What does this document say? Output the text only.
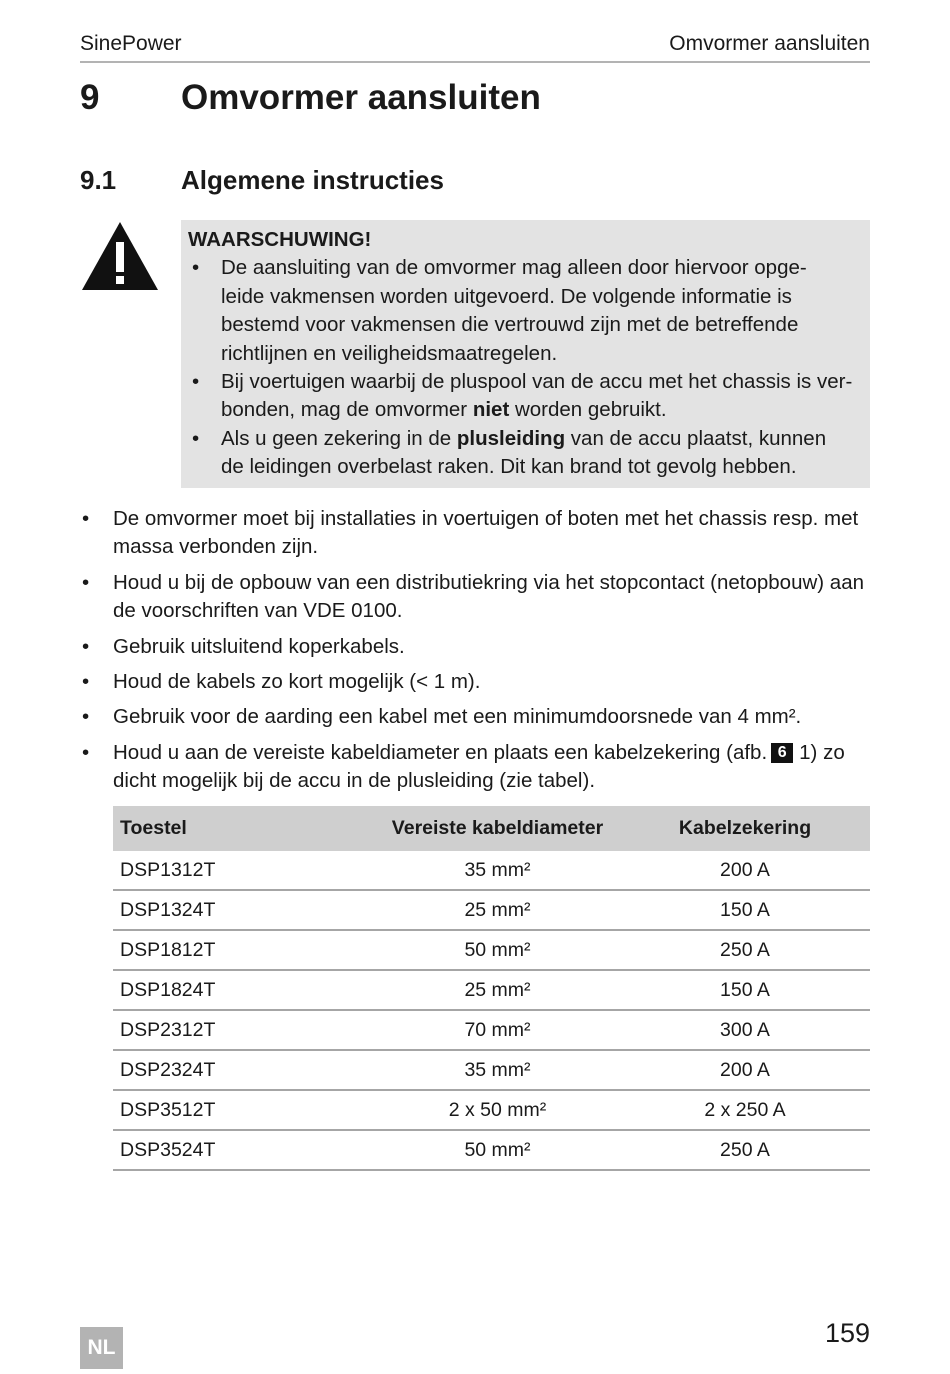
SinePower	Omvormer aansluiten
9 Omvormer aansluiten
9.1 Algemene instructies
WAARSCHUWING!
• De aansluiting van de omvormer mag alleen door hiervoor opge-
leide vakmensen worden uitgevoerd. De volgende informatie is
bestemd voor vakmensen die vertrouwd zijn met de betreffende
richtlijnen en veiligheidsmaatregelen.
• Bij voertuigen waarbij de pluspool van de accu met het chassis is ver-
bonden, mag de omvormer niet worden gebruikt.
• Als u geen zekering in de plusleiding van de accu plaatst, kunnen
de leidingen overbelast raken. Dit kan brand tot gevolg hebben.
• De omvormer moet bij installaties in voertuigen of boten met het chassis resp. met massa verbonden zijn.
• Houd u bij de opbouw van een distributiekring via het stopcontact (netopbouw) aan de voorschriften van VDE 0100.
• Gebruik uitsluitend koperkabels.
• Houd de kabels zo kort mogelijk (< 1 m).
• Gebruik voor de aarding een kabel met een minimumdoorsnede van 4 mm².
• Houd u aan de vereiste kabeldiameter en plaats een kabelzekering (afb. 6 1) zo dicht mogelijk bij de accu in de plusleiding (zie tabel).
Toestel	Vereiste kabeldiameter	Kabelzekering
DSP1312T	35 mm²	200 A
DSP1324T	25 mm²	150 A
DSP1812T	50 mm²	250 A
DSP1824T	25 mm²	150 A
DSP2312T	70 mm²	300 A
DSP2324T	35 mm²	200 A
DSP3512T	2 x 50 mm²	2 x 250 A
DSP3524T	50 mm²	250 A
NL	159
